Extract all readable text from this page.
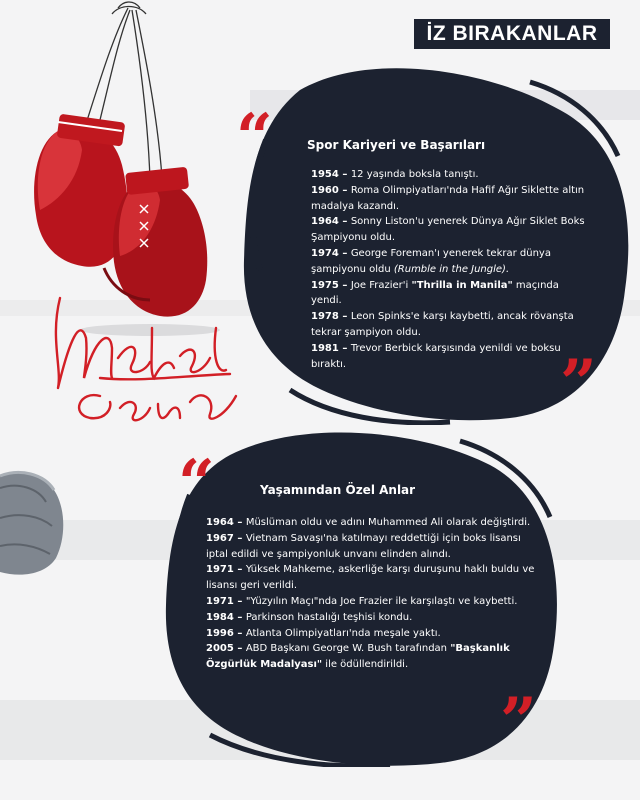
İZ BIRAKANLAR
“
”
“
”
Spor Kariyeri ve Başarıları
1954 – 12 yaşında boksla tanıştı.
1960 – Roma Olimpiyatları'nda Hafif Ağır Siklette altın madalya kazandı.
1964 – Sonny Liston'u yenerek Dünya Ağır Siklet Boks Şampiyonu oldu.
1974 – George Foreman'ı yenerek tekrar dünya şampiyonu oldu (Rumble in the Jungle).
1975 – Joe Frazier'i "Thrilla in Manila" maçında yendi.
1978 – Leon Spinks'e karşı kaybetti, ancak rövanşta tekrar şampiyon oldu.
1981 – Trevor Berbick karşısında yenildi ve boksu bıraktı.
Yaşamından Özel Anlar
1964 – Müslüman oldu ve adını Muhammed Ali olarak değiştirdi.
1967 – Vietnam Savaşı'na katılmayı reddettiği için boks lisansı iptal edildi ve şampiyonluk unvanı elinden alındı.
1971 – Yüksek Mahkeme, askerliğe karşı duruşunu haklı buldu ve lisansı geri verildi.
1971 – "Yüzyılın Maçı"nda Joe Frazier ile karşılaştı ve kaybetti.
1984 – Parkinson hastalığı teşhisi kondu.
1996 – Atlanta Olimpiyatları'nda meşale yaktı.
2005 – ABD Başkanı George W. Bush tarafından "Başkanlık Özgürlük Madalyası" ile ödüllendirildi.
